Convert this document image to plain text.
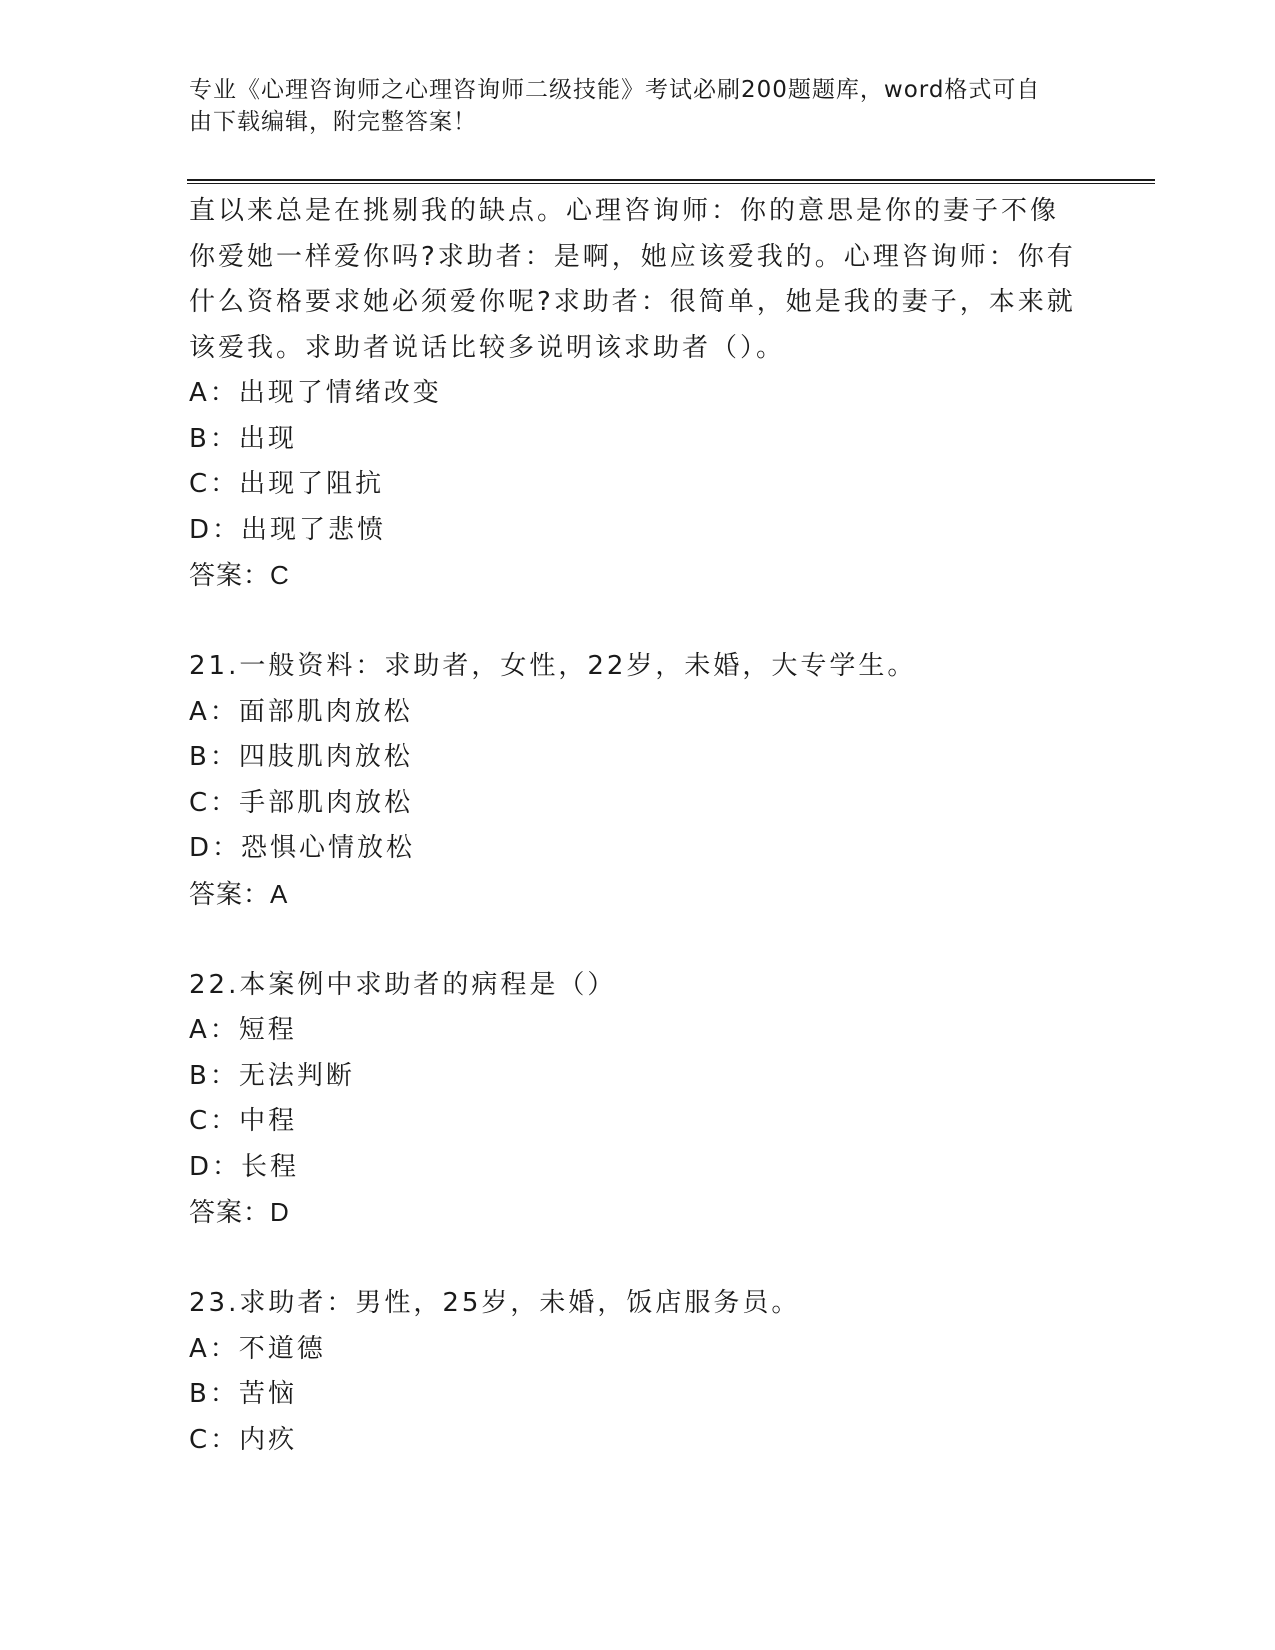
专业《心理咨询师之心理咨询师二级技能》考试必刷200题题库，word格式可自
由下载编辑，附完整答案！
直以来总是在挑剔我的缺点。心理咨询师：你的意思是你的妻子不像
你爱她一样爱你吗?求助者：是啊，她应该爱我的。心理咨询师：你有
什么资格要求她必须爱你呢?求助者：很简单，她是我的妻子，本来就
该爱我。求助者说话比较多说明该求助者（）。
A：出现了情绪改变
B：出现
C：出现了阻抗
D：出现了悲愤
答案：C
21.一般资料：求助者，女性，22岁，未婚，大专学生。
A：面部肌肉放松
B：四肢肌肉放松
C：手部肌肉放松
D：恐惧心情放松
答案：A
22.本案例中求助者的病程是（）
A：短程
B：无法判断
C：中程
D：长程
答案：D
23.求助者：男性，25岁，未婚，饭店服务员。
A：不道德
B：苦恼
C：内疚
